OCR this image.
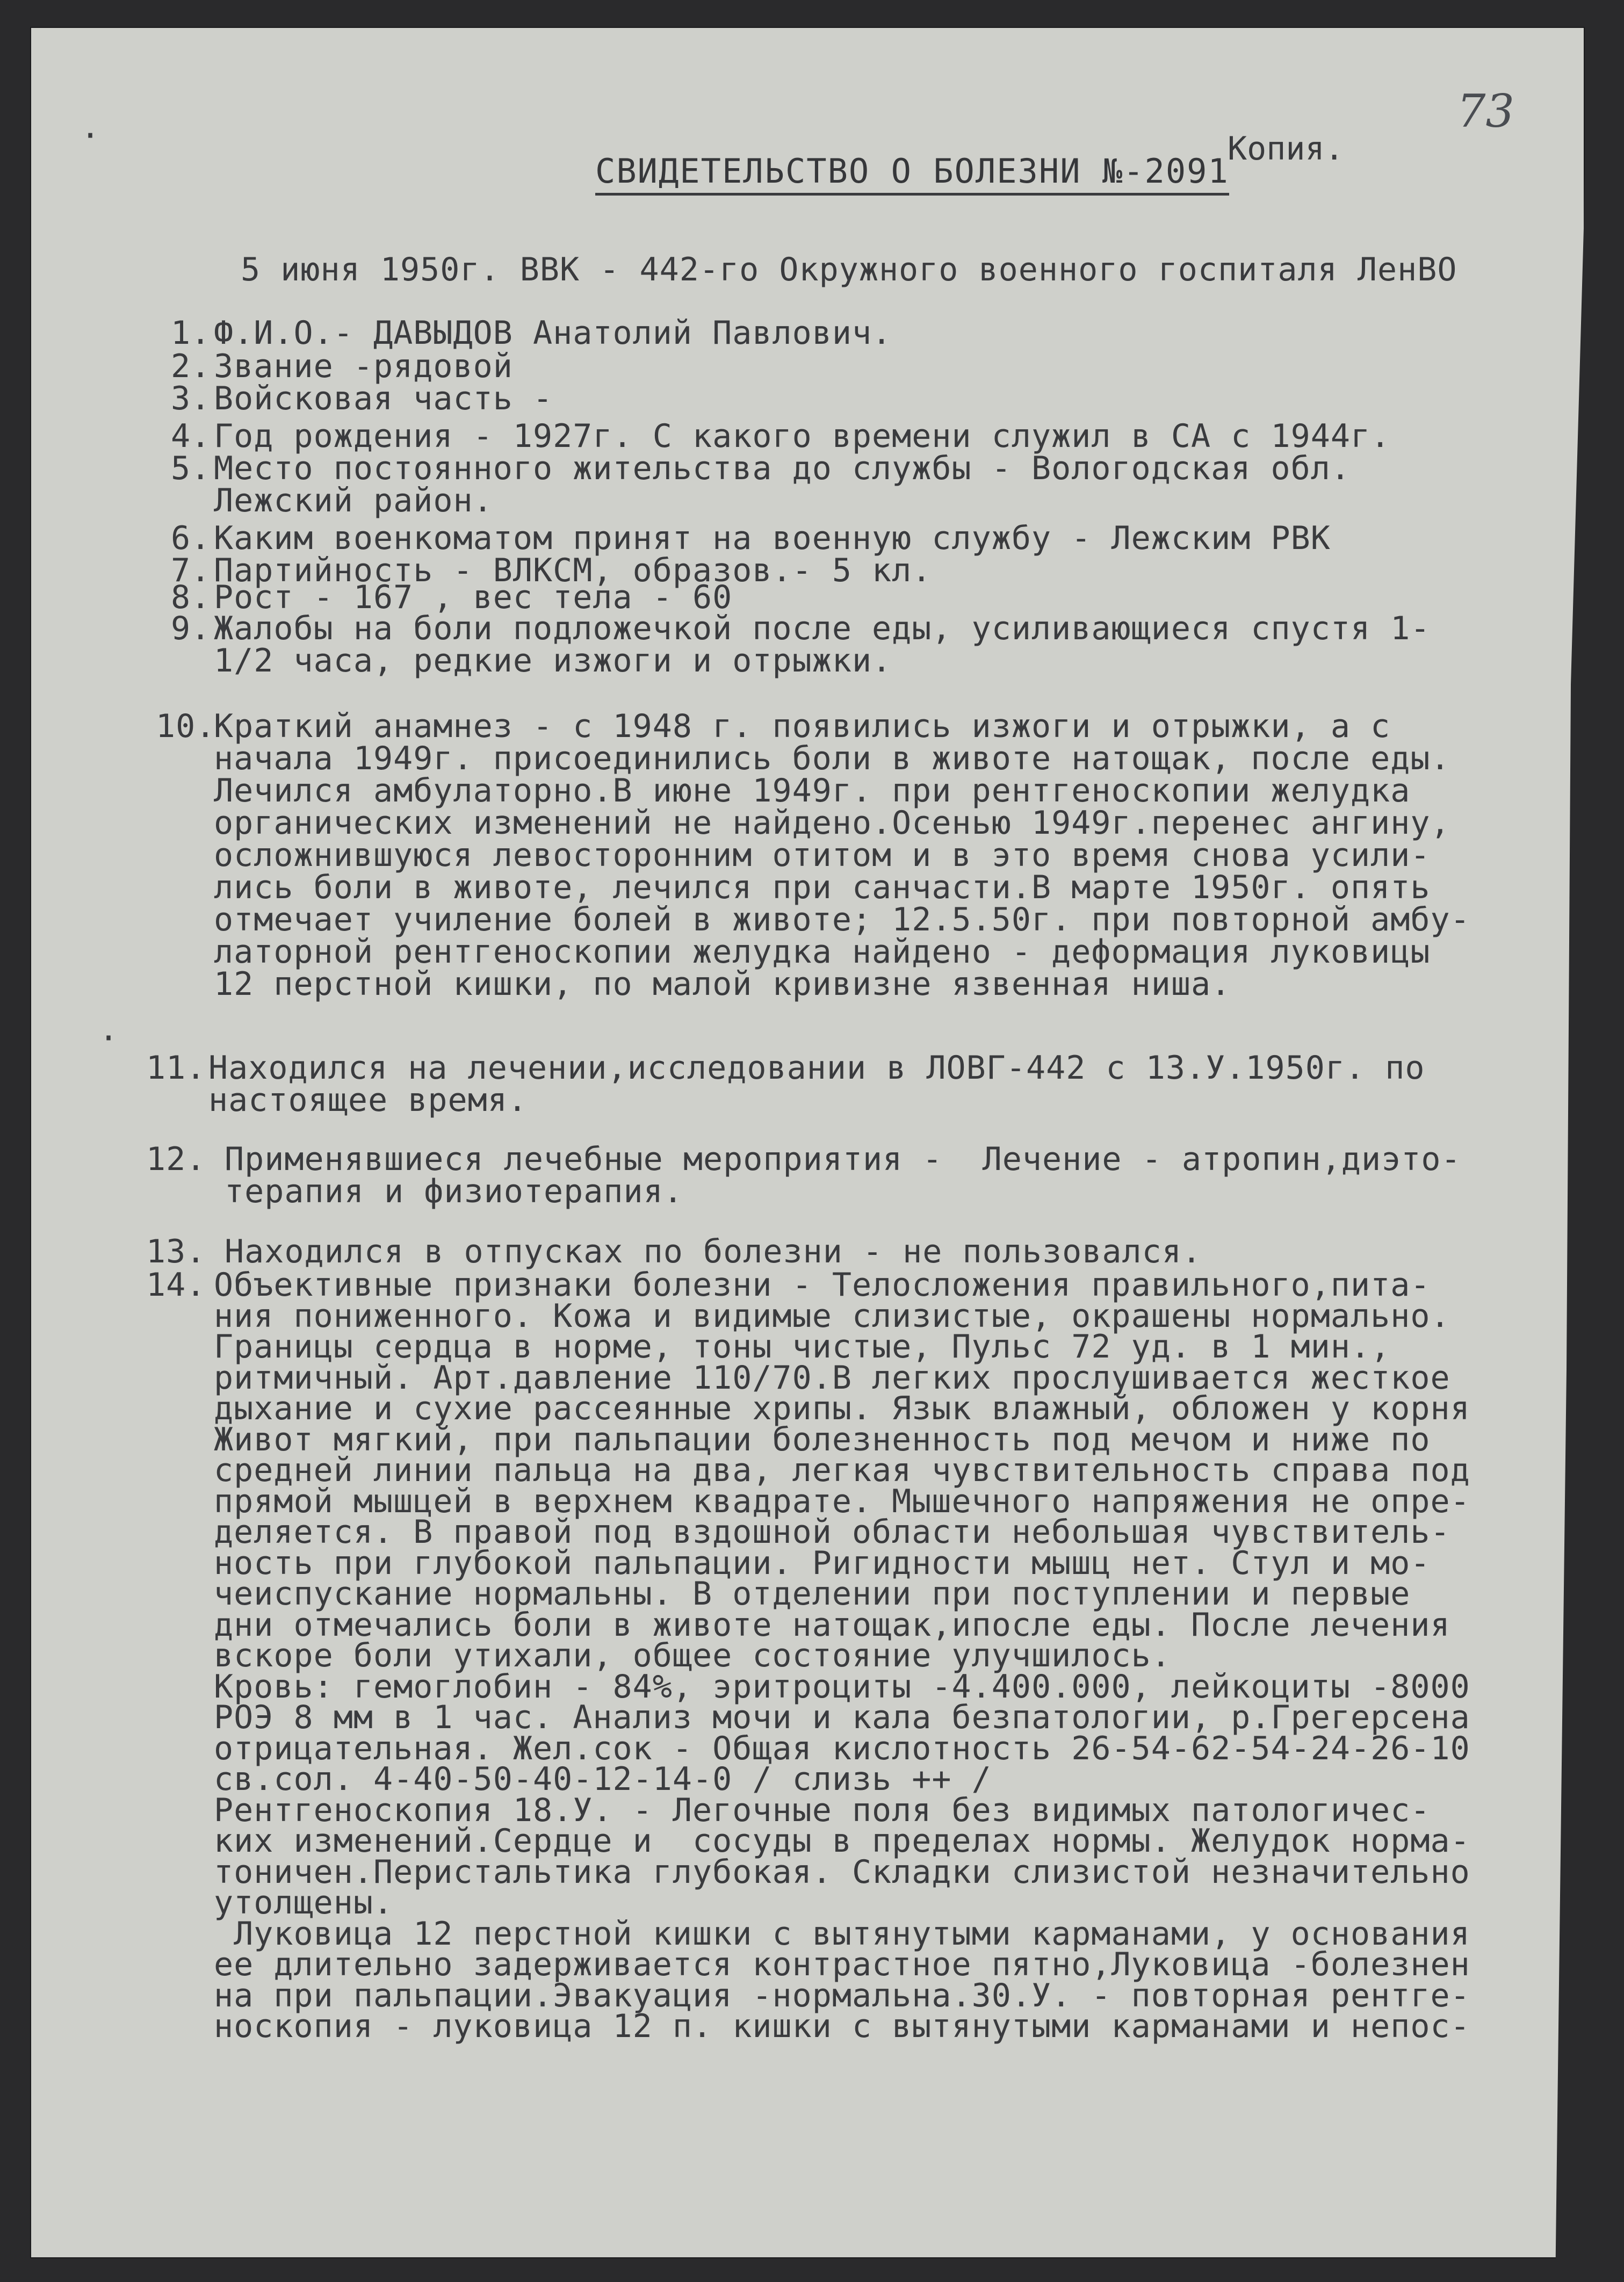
73
Копия.
СВИДЕТЕЛЬСТВО О БОЛЕЗНИ №-2091
5 июня 1950г. ВВК - 442-го Окружного военного госпиталя ЛенВО
·
·
1. Ф.И.О.- ДАВЫДОВ Анатолий Павлович.
2. Звание -рядовой
3. Войсковая часть -
4. Год рождения - 1927г. С какого времени служил в СА с 1944г.
5. Место постоянного жительства до службы - Вологодская обл.
Лежский район.
6. Каким военкоматом принят на военную службу - Лежским РВК
7. Партийность - ВЛКСМ, образов.- 5 кл.
8. Рост - 167 , вес тела - 60
9. Жалобы на боли подложечкой после еды, усиливающиеся спустя 1-
1/2 часа, редкие изжоги и отрыжки.
10.
Краткий анамнез - с 1948 г. появились изжоги и отрыжки, а с
начала 1949г. присоединились боли в животе натощак, после еды.
Лечился амбулаторно.В июне 1949г. при рентгеноскопии желудка
органических изменений не найдено.Осенью 1949г.перенес ангину,
осложнившуюся левосторонним отитом и в это время снова усили-
лись боли в животе, лечился при санчасти.В марте 1950г. опять
отмечает училение болей в животе; 12.5.50г. при повторной амбу-
латорной рентгеноскопии желудка найдено - деформация луковицы
12 перстной кишки, по малой кривизне язвенная ниша.
11. Находился на лечении,исследовании в ЛОВГ-442 с 13.У.1950г. по
настоящее время.
12. Применявшиеся лечебные мероприятия -  Лечение - атропин,диэто-
терапия и физиотерапия.
13. Находился в отпусках по болезни - не пользовался.
14. Объективные признаки болезни - Телосложения правильного,пита-
ния пониженного. Кожа и видимые слизистые, окрашены нормально.
Границы сердца в норме, тоны чистые, Пульс 72 уд. в 1 мин.,
ритмичный. Арт.давление 110/70.В легких прослушивается жесткое
дыхание и сухие рассеянные хрипы. Язык влажный, обложен у корня
Живот мягкий, при пальпации болезненность под мечом и ниже по
средней линии пальца на два, легкая чувствительность справа под
прямой мышцей в верхнем квадрате. Мышечного напряжения не опре-
деляется. В правой под вздошной области небольшая чувствитель-
ность при глубокой пальпации. Ригидности мышц нет. Стул и мо-
чеиспускание нормальны. В отделении при поступлении и первые
дни отмечались боли в животе натощак,ипосле еды. После лечения
вскоре боли утихали, общее состояние улучшилось.
Кровь: гемоглобин - 84%, эритроциты -4.400.000, лейкоциты -8000
РОЭ 8 мм в 1 час. Анализ мочи и кала безпатологии, р.Грегерсена
отрицательная. Жел.сок - Общая кислотность 26-54-62-54-24-26-10
св.сол. 4-40-50-40-12-14-0 / слизь ++ /
Рентгеноскопия 18.У. - Легочные поля без видимых патологичес-
ких изменений.Сердце и  сосуды в пределах нормы. Желудок норма-
тоничен.Перистальтика глубокая. Складки слизистой незначительно
утолщены.
Луковица 12 перстной кишки с вытянутыми карманами, у основания
ее длительно задерживается контрастное пятно,Луковица -болезнен
на при пальпации.Эвакуация -нормальна.30.У. - повторная рентге-
носкопия - луковица 12 п. кишки с вытянутыми карманами и непос-
